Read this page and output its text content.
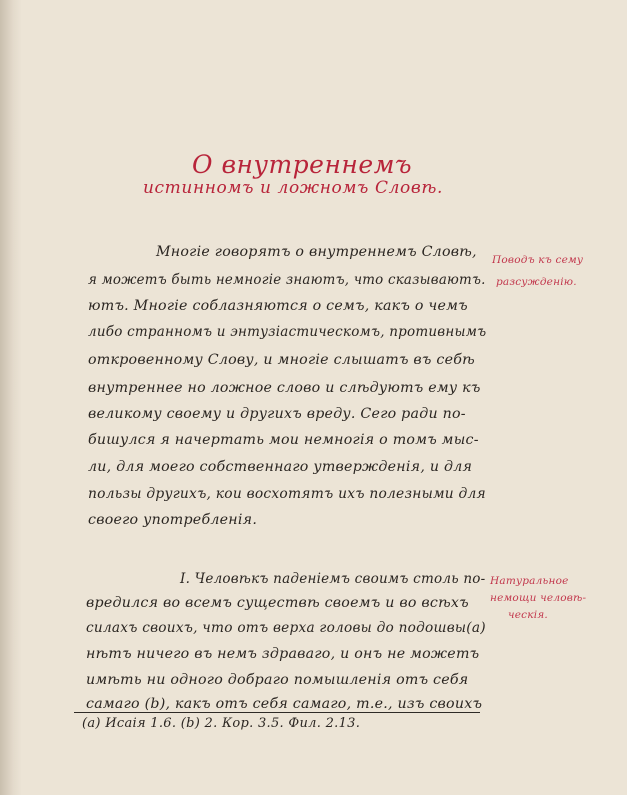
О внутреннемъ
истинномъ и ложномъ Словѣ.
Многіе говорятъ о внутреннемъ Словѣ,
я можетъ быть немногіе знаютъ, что сказываютъ.
ютъ. Многіе соблазняются о семъ, какъ о чемъ
либо странномъ и энтузіастическомъ, противнымъ
откровенному Слову, и многіе слышатъ въ себѣ
внутреннее но ложное слово и слѣдуютъ ему къ
великому своему и другихъ вреду. Сего ради по-
бишулся я начертать мои немногія о томъ мыс-
ли, для моего собственнаго утвержденія, и для
пользы другихъ, кои восхотятъ ихъ полезными для
своего употребленія.
Поводъ къ сему
разсужденію.
I. Человѣкъ паденіемъ своимъ столь по-
вредился во всемъ существѣ своемъ и во всѣхъ
силахъ своихъ, что отъ верха головы до подошвы(а)
нѣтъ ничего въ немъ здраваго, и онъ не можетъ
имѣть ни одного добраго помышленія отъ себя
самаго (b), какъ отъ себя самаго, т.е., изъ своихъ
Натуральное
немощи человѣ-
ческія.
(а) Исаія 1.6. (b) 2. Кор. 3.5. Фил. 2.13.
